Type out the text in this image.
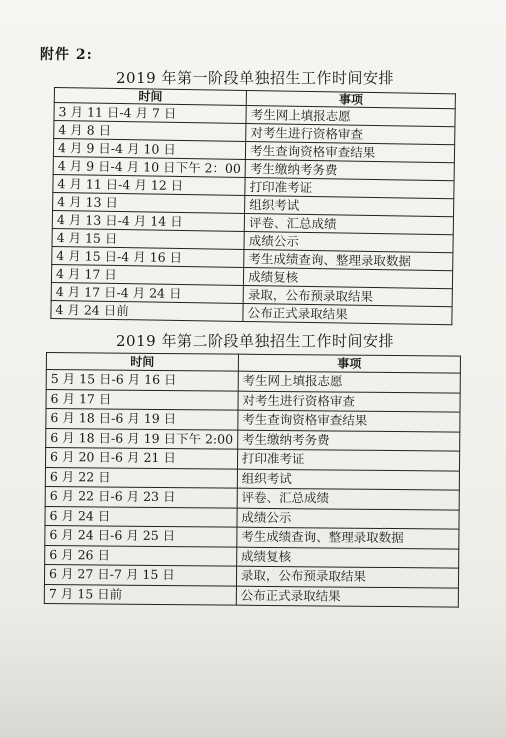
附件 2:
2019 年第一阶段单独招生工作时间安排
时间	事项
3 月 11 日-4 月 7 日	考生网上填报志愿
4 月 8 日	对考生进行资格审查
4 月 9 日-4 月 10 日	考生查询资格审查结果
4 月 9 日-4 月 10 日下午 2：00	考生缴纳考务费
4 月 11 日-4 月 12 日	打印准考证
4 月 13 日	组织考试
4 月 13 日-4 月 14 日	评卷、汇总成绩
4 月 15 日	成绩公示
4 月 15 日-4 月 16 日	考生成绩查询、整理录取数据
4 月 17 日	成绩复核
4 月 17 日-4 月 24 日	录取，公布预录取结果
4 月 24 日前	公布正式录取结果
2019 年第二阶段单独招生工作时间安排
时间	事项
5 月 15 日-6 月 16 日	考生网上填报志愿
6 月 17 日	对考生进行资格审查
6 月 18 日-6 月 19 日	考生查询资格审查结果
6 月 18 日-6 月 19 日下午 2:00	考生缴纳考务费
6 月 20 日-6 月 21 日	打印准考证
6 月 22 日	组织考试
6 月 22 日-6 月 23 日	评卷、汇总成绩
6 月 24 日	成绩公示
6 月 24 日-6 月 25 日	考生成绩查询、整理录取数据
6 月 26 日	成绩复核
6 月 27 日-7 月 15 日	录取，公布预录取结果
7 月 15 日前	公布正式录取结果
